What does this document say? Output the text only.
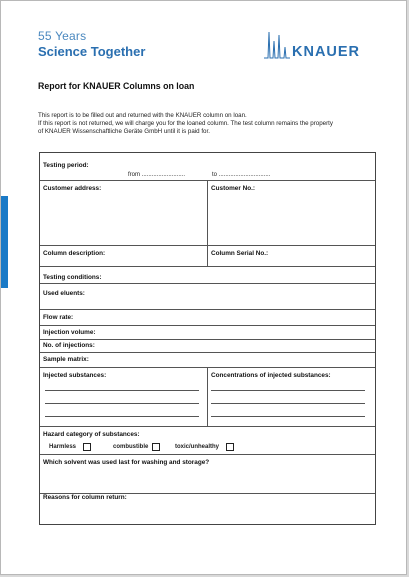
55 Years
Science Together	KNAUER
Report for KNAUER Columns on loan
This report is to be filled out and returned with the KNAUER column on loan.
If this report is not returned, we will charge you for the loaned column. The test column remains the property
of KNAUER Wissenschaftliche Geräte GmbH until it is paid for.
Testing period:
from ..........................	to ...............................
Customer address:	Customer No.:
Column description:	Column Serial No.:
Testing conditions:
Used eluents:
Flow rate:
Injection volume:
No. of injections:
Sample matrix:
Injected substances:	Concentrations of injected substances:
Hazard category of substances:
Harmless	combustible	toxic/unhealthy
Which solvent was used last for washing and storage?
Reasons for column return:
